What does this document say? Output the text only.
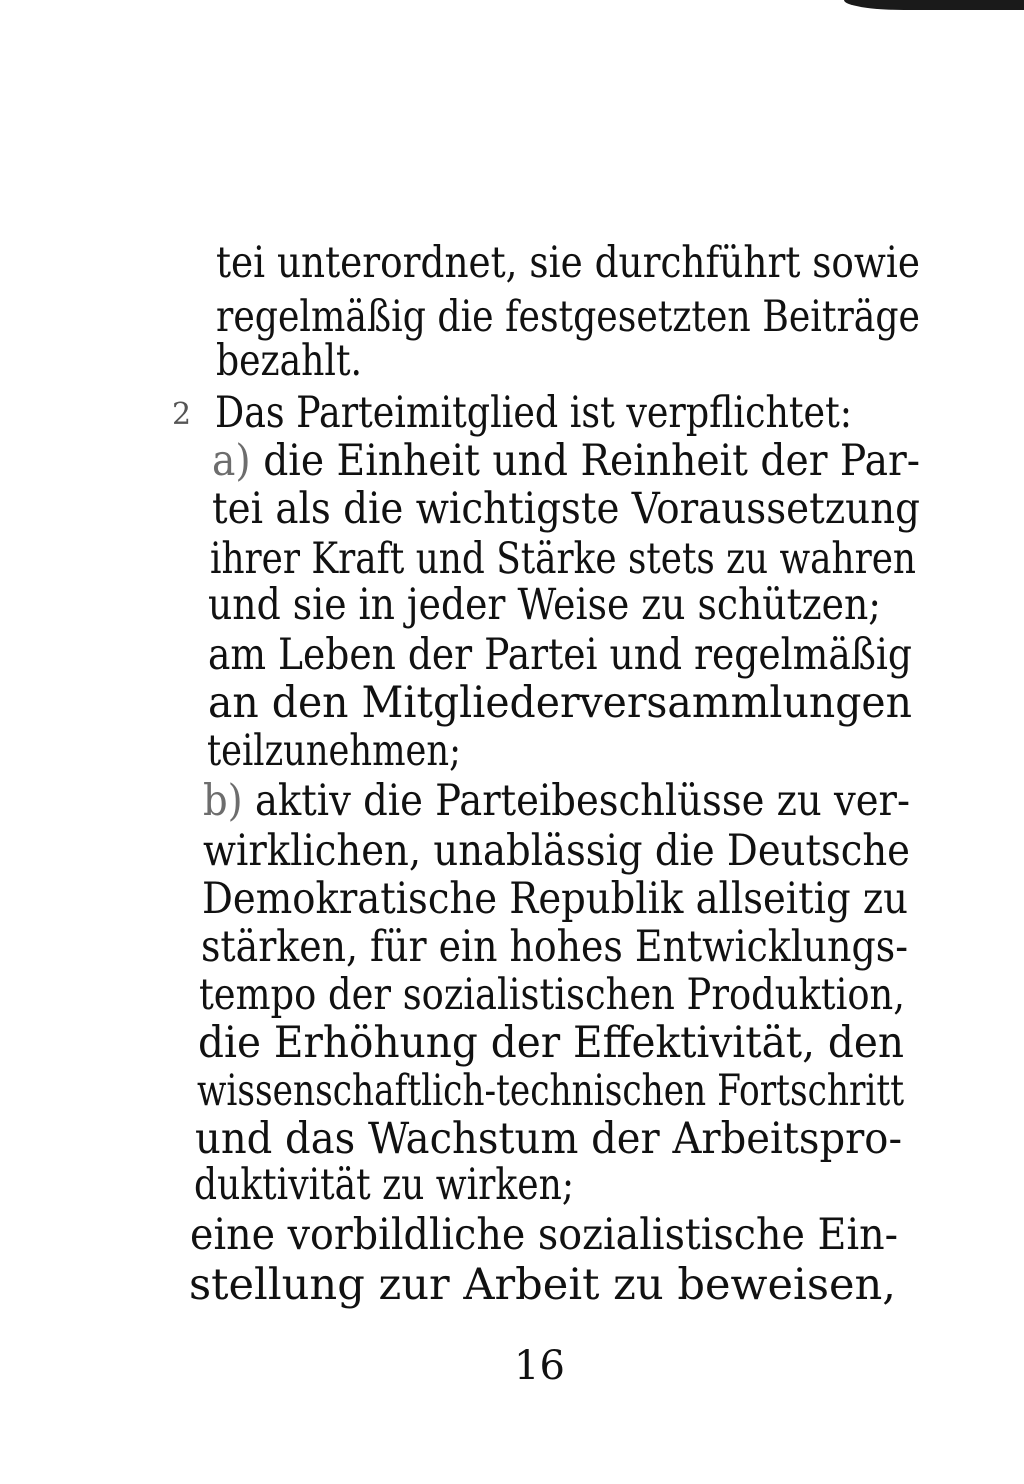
2
tei unterordnet, sie durchführt sowie
regelmäßig die festgesetzten Beiträge
bezahlt.
Das Parteimitglied ist verpflichtet:
a) die Einheit und Reinheit der Par-
tei als die wichtigste Voraussetzung
ihrer Kraft und Stärke stets zu wahren
und sie in jeder Weise zu schützen;
am Leben der Partei und regelmäßig
an den Mitgliederversammlungen
teilzunehmen;
b) aktiv die Parteibeschlüsse zu ver-
wirklichen, unablässig die Deutsche
Demokratische Republik allseitig zu
stärken, für ein hohes Entwicklungs-
tempo der sozialistischen Produktion,
die Erhöhung der Effektivität, den
wissenschaftlich-technischen Fortschritt
und das Wachstum der Arbeitspro-
duktivität zu wirken;
eine vorbildliche sozialistische Ein-
stellung zur Arbeit zu beweisen,
16
